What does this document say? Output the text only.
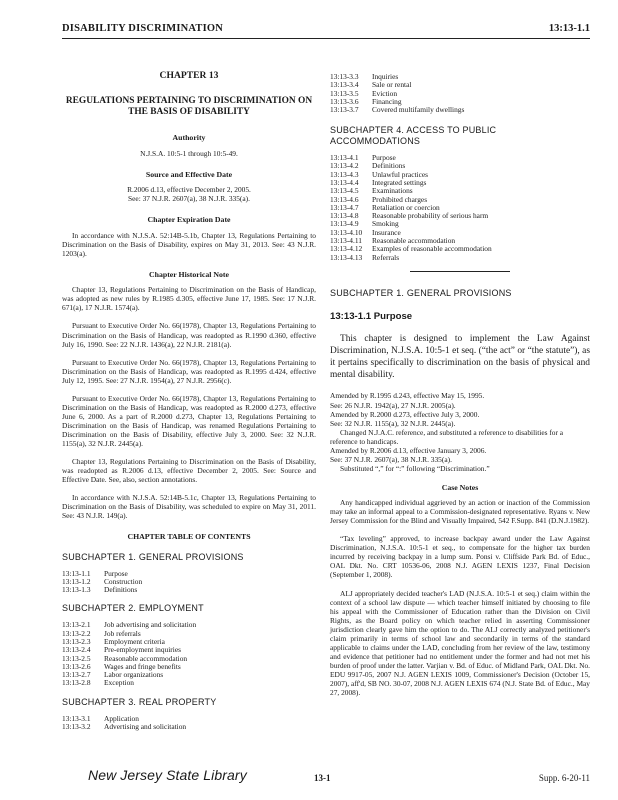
DISABILITY DISCRIMINATION	13:13-1.1
CHAPTER 13
REGULATIONS PERTAINING TO DISCRIMINATION ON THE BASIS OF DISABILITY
Authority
N.J.S.A. 10:5-1 through 10:5-49.
Source and Effective Date
R.2006 d.13, effective December 2, 2005.
See: 37 N.J.R. 2607(a), 38 N.J.R. 335(a).
Chapter Expiration Date

In accordance with N.J.S.A. 52:14B-5.1b, Chapter 13, Regulations Pertaining to Discrimination on the Basis of Disability, expires on May 31, 2013. See: 43 N.J.R. 1203(a).

Chapter Historical Note

Chapter 13, Regulations Pertaining to Discrimination on the Basis of Handicap, was adopted as new rules by R.1985 d.305, effective June 17, 1985. See: 17 N.J.R. 671(a), 17 N.J.R. 1574(a).

Pursuant to Executive Order No. 66(1978), Chapter 13, Regulations Pertaining to Discrimination on the Basis of Handicap, was readopted as R.1990 d.360, effective July 16, 1990. See: 22 N.J.R. 1436(a), 22 N.J.R. 2181(a).

Pursuant to Executive Order No. 66(1978), Chapter 13, Regulations Pertaining to Discrimination on the Basis of Handicap, was readopted as R.1995 d.424, effective July 12, 1995. See: 27 N.J.R. 1954(a), 27 N.J.R. 2956(c).

Pursuant to Executive Order No. 66(1978), Chapter 13, Regulations Pertaining to Discrimination on the Basis of Handicap, was readopted as R.2000 d.273, effective June 6, 2000. As a part of R.2000 d.273, Chapter 13, Regulations Pertaining to Discrimination on the Basis of Handicap, was renamed Regulations Pertaining to Discrimination on the Basis of Disability, effective July 3, 2000. See: 32 N.J.R. 1155(a), 32 N.J.R. 2445(a).

Chapter 13, Regulations Pertaining to Discrimination on the Basis of Disability, was readopted as R.2006 d.13, effective December 2, 2005. See: Source and Effective Date. See, also, section annotations.

In accordance with N.J.S.A. 52:14B-5.1c, Chapter 13, Regulations Pertaining to Discrimination on the Basis of Disability, was scheduled to expire on May 31, 2011. See: 43 N.J.R. 149(a).

CHAPTER TABLE OF CONTENTS
SUBCHAPTER 1. GENERAL PROVISIONS
13:13-1.1	Purpose
13:13-1.2	Construction
13:13-1.3	Definitions
SUBCHAPTER 2. EMPLOYMENT
13:13-2.1	Job advertising and solicitation
13:13-2.2	Job referrals
13:13-2.3	Employment criteria
13:13-2.4	Pre-employment inquiries
13:13-2.5	Reasonable accommodation
13:13-2.6	Wages and fringe benefits
13:13-2.7	Labor organizations
13:13-2.8	Exception
SUBCHAPTER 3. REAL PROPERTY
13:13-3.1	Application
13:13-3.2	Advertising and solicitation
13:13-3.3	Inquiries
13:13-3.4	Sale or rental
13:13-3.5	Eviction
13:13-3.6	Financing
13:13-3.7	Covered multifamily dwellings
SUBCHAPTER 4. ACCESS TO PUBLIC ACCOMMODATIONS
13:13-4.1	Purpose
13:13-4.2	Definitions
13:13-4.3	Unlawful practices
13:13-4.4	Integrated settings
13:13-4.5	Examinations
13:13-4.6	Prohibited charges
13:13-4.7	Retaliation or coercion
13:13-4.8	Reasonable probability of serious harm
13:13-4.9	Smoking
13:13-4.10	Insurance
13:13-4.11	Reasonable accommodation
13:13-4.12	Examples of reasonable accommodation
13:13-4.13	Referrals
SUBCHAPTER 1. GENERAL PROVISIONS
13:13-1.1 Purpose

This chapter is designed to implement the Law Against Discrimination, N.J.S.A. 10:5-1 et seq. (“the act” or “the statute”), as it pertains specifically to discrimination on the basis of physical and mental disability.

Amended by R.1995 d.243, effective May 15, 1995.
See: 26 N.J.R. 1942(a), 27 N.J.R. 2005(a).
Amended by R.2000 d.273, effective July 3, 2000.
See: 32 N.J.R. 1155(a), 32 N.J.R. 2445(a).
Changed N.J.A.C. reference, and substituted a reference to disabilities for a reference to handicaps.
Amended by R.2006 d.13, effective January 3, 2006.
See: 37 N.J.R. 2607(a), 38 N.J.R. 335(a).
Substituted “,” for “:” following “Discrimination.”
Case Notes

Any handicapped individual aggrieved by an action or inaction of the Commission may take an informal appeal to a Commission-designated representative. Ryans v. New Jersey Commission for the Blind and Visually Impaired, 542 F.Supp. 841 (D.N.J.1982).

“Tax leveling” approved, to increase backpay award under the Law Against Discrimination, N.J.S.A. 10:5-1 et seq., to compensate for the higher tax burden incurred by receiving backpay in a lump sum. Ponsi v. Cliffside Park Bd. of Educ., OAL Dkt. No. CRT 10536-06, 2008 N.J. AGEN LEXIS 1237, Final Decision (September 1, 2008).

ALJ appropriately decided teacher's LAD (N.J.S.A. 10:5-1 et seq.) claim within the context of a school law dispute — which teacher himself initiated by choosing to file his appeal with the Commissioner of Education rather than the Division on Civil Rights, as the Board policy on which teacher relied in asserting Commissioner jurisdiction clearly gave him the option to do. The ALJ correctly analyzed petitioner's claim primarily in terms of school law and secondarily in terms of the standard applicable to claims under the LAD, concluding from her review of the law, testimony and evidence that petitioner had no entitlement under the former and had not met his burden of proof under the latter. Varjian v. Bd. of Educ. of Midland Park, OAL Dkt. No. EDU 9917-05, 2007 N.J. AGEN LEXIS 1009, Commissioner's Decision (October 15, 2007), aff'd, SB NO. 30-07, 2008 N.J. AGEN LEXIS 674 (N.J. State Bd. of Educ., May 27, 2008).

New Jersey State Library	13-1	Supp. 6-20-11
